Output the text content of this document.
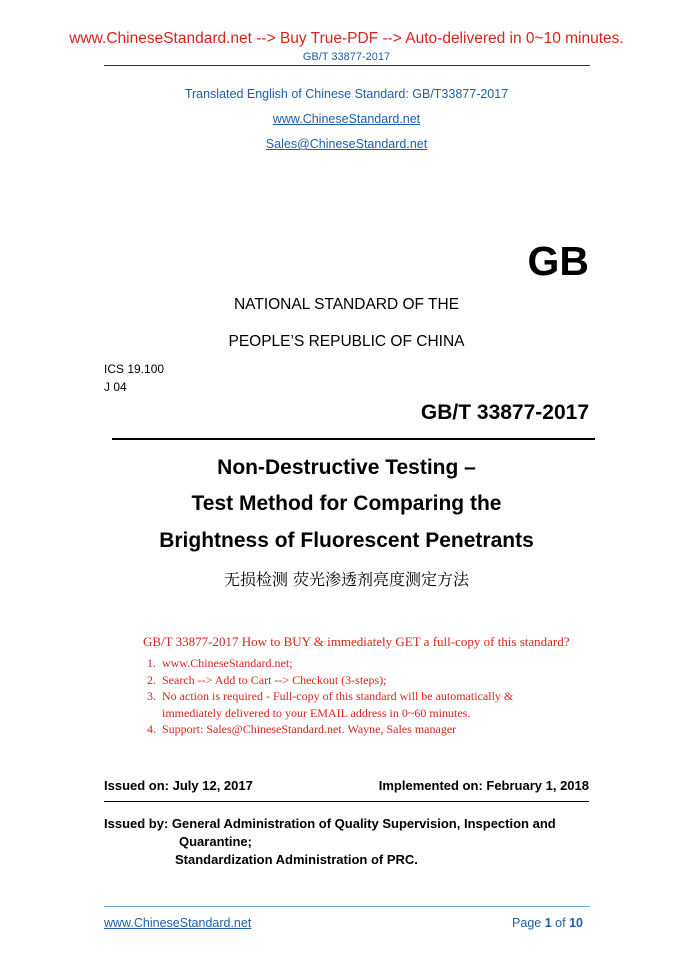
www.ChineseStandard.net --> Buy True-PDF --> Auto-delivered in 0~10 minutes.
GB/T 33877-2017
Translated English of Chinese Standard: GB/T33877-2017
www.ChineseStandard.net
Sales@ChineseStandard.net
GB
NATIONAL STANDARD OF THE
PEOPLE’S REPUBLIC OF CHINA
ICS 19.100
J 04
GB/T 33877-2017
Non-Destructive Testing –
Test Method for Comparing the
Brightness of Fluorescent Penetrants
无损检测 荧光渗透剂亮度测定方法
GB/T 33877-2017 How to BUY & immediately GET a full-copy of this standard?
1. www.ChineseStandard.net;
2. Search --> Add to Cart --> Checkout (3-steps);
3. No action is required - Full-copy of this standard will be automatically &
immediately delivered to your EMAIL address in 0~60 minutes.
4. Support: Sales@ChineseStandard.net. Wayne, Sales manager
Issued on: July 12, 2017	Implemented on: February 1, 2018
Issued by: General Administration of Quality Supervision, Inspection and
Quarantine;
Standardization Administration of PRC.
www.ChineseStandard.net	Page 1 of 10
